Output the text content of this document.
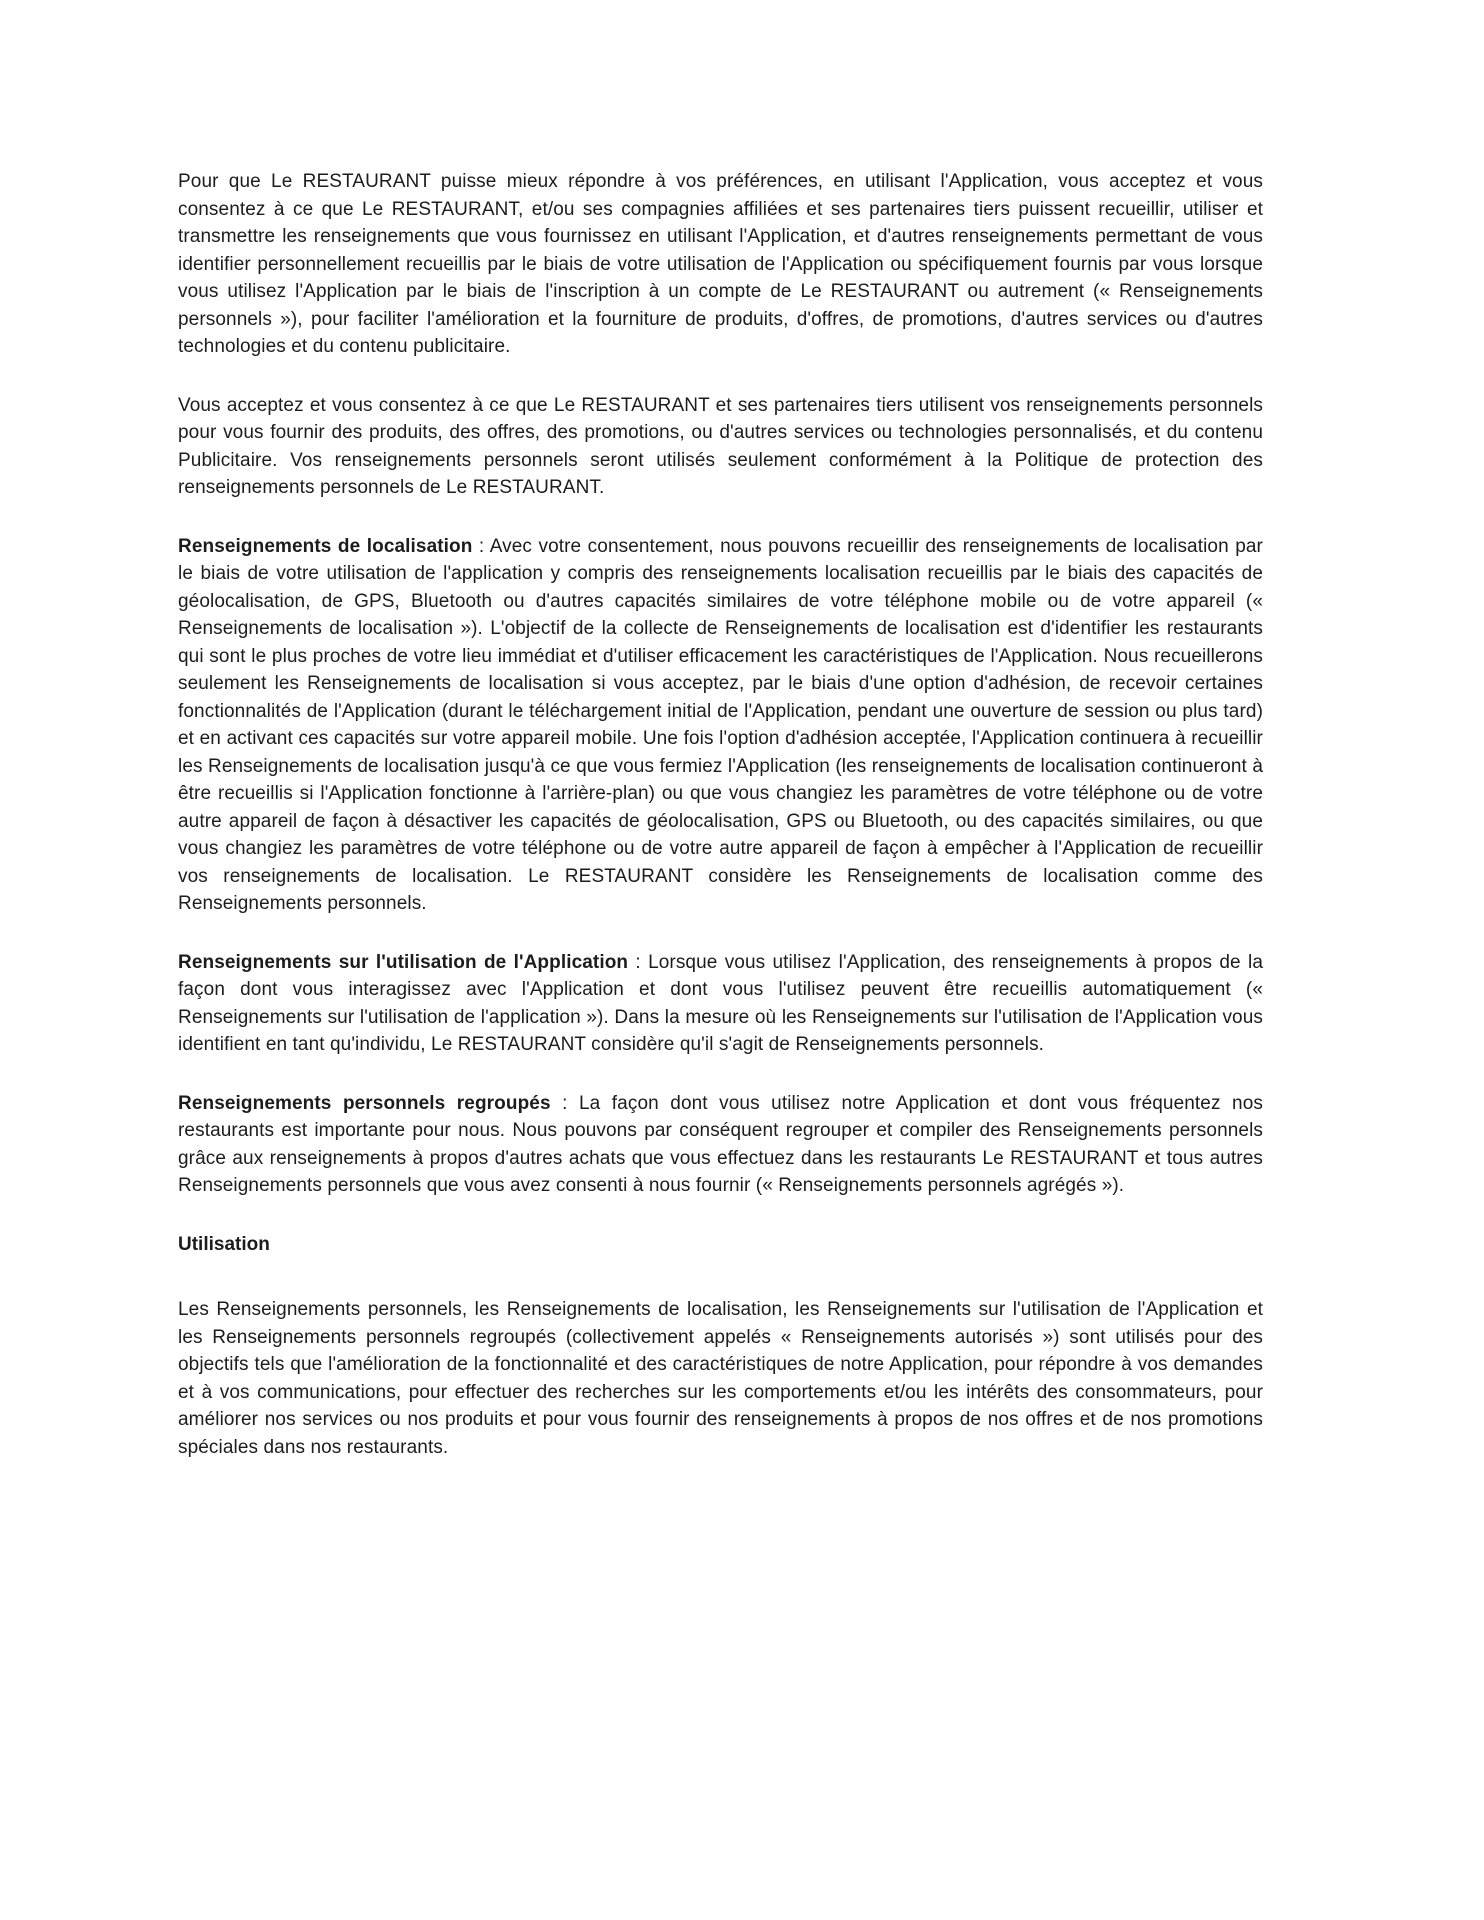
Pour que Le RESTAURANT puisse mieux répondre à vos préférences, en utilisant l'Application, vous acceptez et vous consentez à ce que Le RESTAURANT, et/ou ses compagnies affiliées et ses partenaires tiers puissent recueillir, utiliser et transmettre les renseignements que vous fournissez en utilisant l'Application, et d'autres renseignements permettant de vous identifier personnellement recueillis par le biais de votre utilisation de l'Application ou spécifiquement fournis par vous lorsque vous utilisez l'Application par le biais de l'inscription à un compte de Le RESTAURANT ou autrement (« Renseignements personnels »), pour faciliter l'amélioration et la fourniture de produits, d'offres, de promotions, d'autres services ou d'autres technologies et du contenu publicitaire.

Vous acceptez et vous consentez à ce que Le RESTAURANT et ses partenaires tiers utilisent vos renseignements personnels pour vous fournir des produits, des offres, des promotions, ou d'autres services ou technologies personnalisés, et du contenu Publicitaire. Vos renseignements personnels seront utilisés seulement conformément à la Politique de protection des renseignements personnels de Le RESTAURANT.

Renseignements de localisation : Avec votre consentement, nous pouvons recueillir des renseignements de localisation par le biais de votre utilisation de l'application y compris des renseignements localisation recueillis par le biais des capacités de géolocalisation, de GPS, Bluetooth ou d'autres capacités similaires de votre téléphone mobile ou de votre appareil (« Renseignements de localisation »). L'objectif de la collecte de Renseignements de localisation est d'identifier les restaurants qui sont le plus proches de votre lieu immédiat et d'utiliser efficacement les caractéristiques de l'Application. Nous recueillerons seulement les Renseignements de localisation si vous acceptez, par le biais d'une option d'adhésion, de recevoir certaines fonctionnalités de l'Application (durant le téléchargement initial de l'Application, pendant une ouverture de session ou plus tard) et en activant ces capacités sur votre appareil mobile. Une fois l'option d'adhésion acceptée, l'Application continuera à recueillir les Renseignements de localisation jusqu'à ce que vous fermiez l'Application (les renseignements de localisation continueront à être recueillis si l'Application fonctionne à l'arrière-plan) ou que vous changiez les paramètres de votre téléphone ou de votre autre appareil de façon à désactiver les capacités de géolocalisation, GPS ou Bluetooth, ou des capacités similaires, ou que vous changiez les paramètres de votre téléphone ou de votre autre appareil de façon à empêcher à l'Application de recueillir vos renseignements de localisation. Le RESTAURANT considère les Renseignements de localisation comme des Renseignements personnels.

Renseignements sur l'utilisation de l'Application : Lorsque vous utilisez l'Application, des renseignements à propos de la façon dont vous interagissez avec l'Application et dont vous l'utilisez peuvent être recueillis automatiquement (« Renseignements sur l'utilisation de l'application »). Dans la mesure où les Renseignements sur l'utilisation de l'Application vous identifient en tant qu'individu, Le RESTAURANT considère qu'il s'agit de Renseignements personnels.

Renseignements personnels regroupés : La façon dont vous utilisez notre Application et dont vous fréquentez nos restaurants est importante pour nous. Nous pouvons par conséquent regrouper et compiler des Renseignements personnels grâce aux renseignements à propos d'autres achats que vous effectuez dans les restaurants Le RESTAURANT et tous autres Renseignements personnels que vous avez consenti à nous fournir (« Renseignements personnels agrégés »).

Utilisation

Les Renseignements personnels, les Renseignements de localisation, les Renseignements sur l'utilisation de l'Application et les Renseignements personnels regroupés (collectivement appelés « Renseignements autorisés ») sont utilisés pour des objectifs tels que l'amélioration de la fonctionnalité et des caractéristiques de notre Application, pour répondre à vos demandes et à vos communications, pour effectuer des recherches sur les comportements et/ou les intérêts des consommateurs, pour améliorer nos services ou nos produits et pour vous fournir des renseignements à propos de nos offres et de nos promotions spéciales dans nos restaurants.
